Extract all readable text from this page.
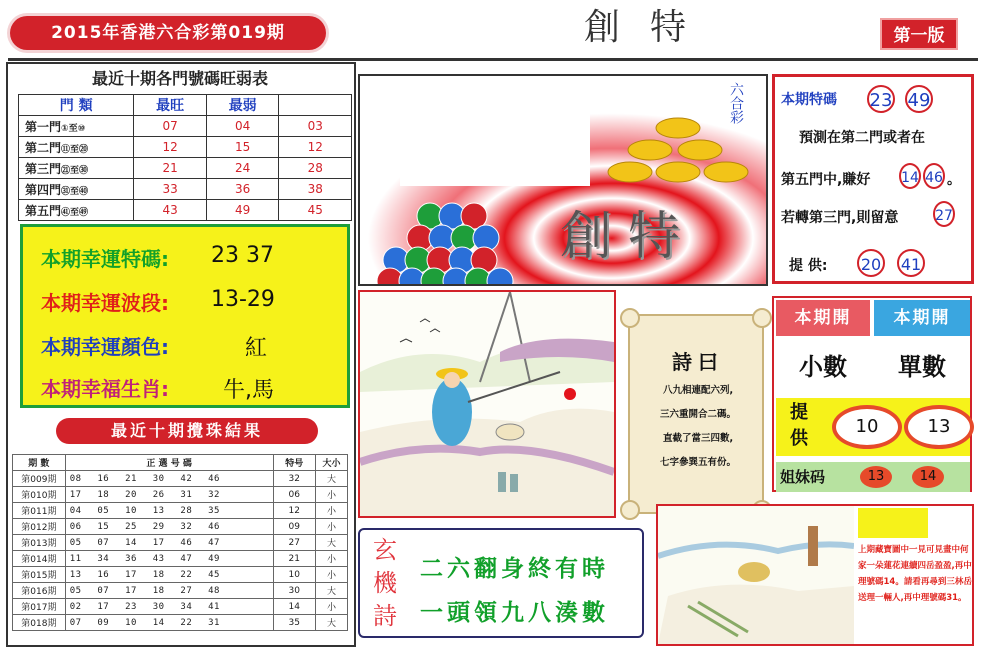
2015年香港六合彩第019期	創特	第一版
最近十期各門號碼旺弱表
門 類	最旺	最弱	
第一門①至⑩	07	04	03
第二門⑪至⑳	12	15	12
第三門㉑至㉚	21	24	28
第四門㉛至㊵	33	36	38
第五門㊶至㊾	43	49	45
本期幸運特碼: 23 37
本期幸運波段: 13-29
本期幸運顏色:	紅
本期幸福生肖: 牛,馬
最近十期攪珠結果
期 數	正 選 号 碼	特号	大小
第009期	08  16  21  30  42  46	32	大
第010期	17  18  20  26  31  32	06	小
第011期	04  05  10  13  28  35	12	小
第012期	06  15  25  29  32  46	09	小
第013期	05  07  14  17  46  47	27	大
第014期	11  34  36  43  47  49	21	小
第015期	13  16  17  18  22  45	10	小
第016期	05  07  17  18  27  48	30	大
第017期	02  17  23  30  34  41	14	小
第018期	07  09  10  14  22  31	35	大
創特
六合彩
詩曰
八九相連配六列,
三六重開合二碼。
直截了當三四數,
七字參巽五有份。
玄機詩
二六翻身終有時
一頭領九八湊數
本期特碼 23 49
預測在第二門或者在
第五門中,賺好 14 46 。
若轉第三門,則留意	27
提 供: 20 41
本期開	本期開
小數	單數
提供
10	13
姐妹码	13	14
上期藏寶圖中一見可見畫中何家一朵蓮花連續四岳盈盈,再中理號碼14。請看再尋到三林岳送理一輛人,再中理號碼31。
